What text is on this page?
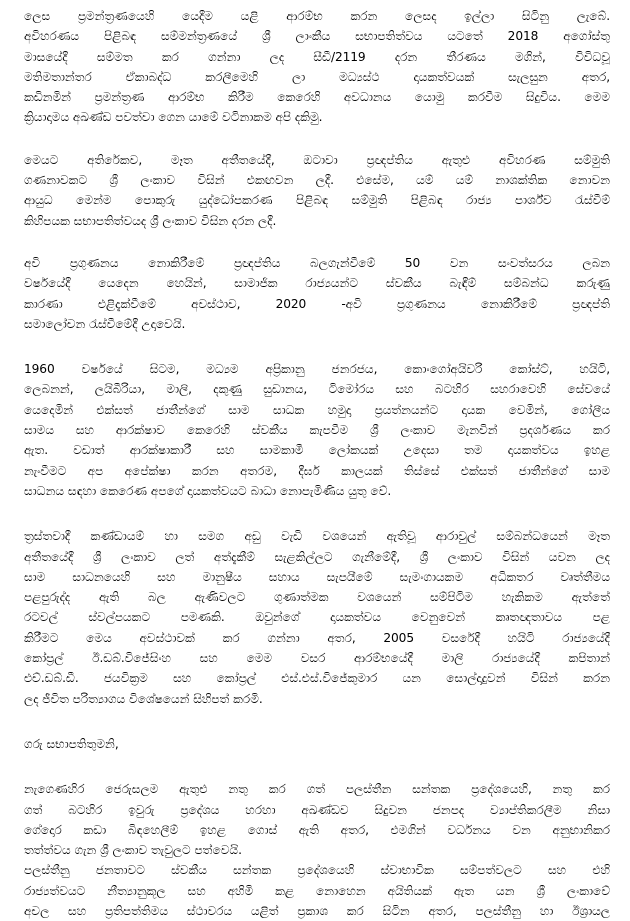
ලෙස ප්‍රමන්ත්‍රණයෙහි යෙදීම යළි ආරම්භ කරන ලෙසද ඉල්ලා සිටිනු ලැබේ.
අවිහරණය පිළිබඳ සම්මන්ත්‍රණයේ ශ්‍රී ලාංකීය සභාපතිත්වය යටතේ 2018 අගෝස්තු
මාසයේදී සම්මත කර ගන්නා ලද සීඩී/2119 දරන තීරණය මගින්, විවිධවූ
මතිමතාන්තර ඒකාබද්ධ කරලීමෙහි ලා මධ්‍යස්ථ දායකත්වයක් සැලසුන අතර,
කඩිනමින් ප්‍රමන්ත්‍රණ ආරම්භ කිරීම කෙරෙහි අවධානය යොමු කරවීම සිදුවිය. මෙම
ක්‍රියාදාමය අඛණ්ඩ පවත්වා ගෙන යාමේ වටිනාකම අපි දකිමු.
මෙයට අතිරේකව, මෑත අතීතයේදී, ඔටාවා ප්‍රඥප්තිය ඇතුළු අවිහරණ සම්මුති
ගණනාවකට ශ්‍රී ලංකාව විසින් එකඟවන ලදී. එසේම, යම් යම් නාශක්තික නොවන
ආයුධ මෙන්ම පොකුරු යුද්ධෝපකරණ පිළිබඳ සම්මුති පිළිබඳ රාජ්‍ය පාර්ශ්ව රැස්වීම්
කිහිපයක සභාපතිත්වයද ශ්‍රී ලංකාව විසින දරන ලදී.
අවි ප්‍රගුණනය නොකිරීමේ ප්‍රඥප්තිය බලගැන්වීමේ 50 වන සංවත්සරය ලබන
වර්ෂයේදී යෙදෙන හෙයින්, සාමාජික රාජ්‍යයන්ට ස්වකීය බැඳීම් සම්බන්ධ කරුණු
කාරණා එළිදැක්වීමේ අවස්ථාව, 2020 -අවි ප්‍රගුණනය නොකිරීමේ ප්‍රඥප්ති
සමාලෝචන රැස්වීමේදී උදාවෙයි.
1960 වර්ෂයේ සිටම, මධ්‍යම අප්‍රිකානු ජනරජය, කොංගෝඅයිවරි කෝස්ට්, හයිටි,
ලෙබනන්, ලයිබීරියා, මාලි, දකුණු සුඩානය, ටිමෝරය සහ බටහිර සහරාවෙහි සේවයේ
යෙදෙමින් එක්සත් ජාතීන්ගේ සාම සාධක හමුදා ප්‍රයත්නයන්ට දායක වෙමින්, ගෝලීය
සාමය සහ ආරක්ෂාව කෙරෙහි ස්වකීය කැපවීම ශ්‍රී ලංකාව මැනවින් ප්‍රදර්ශණය කර
ඇත. වඩාත් ආරක්ෂාකාරී සහ සාමකාමී ලෝකයක් උදෙසා තම දායකත්වය ඉහළ
නැංවීමට අප අපේක්ෂා කරන අතරම, දීර්ඝ කාලයක් තිස්සේ එක්සත් ජාතීන්ගේ සාම
සාධනය සඳහා කෙරෙණ අපගේ දායකත්වයට බාධා නොපැමිණිය යුතු වේ.
ත්‍රස්තවාදී කණ්ඩායම් හා සමග අඩු වැඩි වශයෙන් ඇතිවූ ආරාවුල් සම්බන්ධයෙන් මෑත
අතීතයේදී ශ්‍රී ලංකාව ලත් අත්දැකීම් සැළකිල්ලට ගැනීමේදී, ශ්‍රී ලංකාව විසින් යවන ලද
සාම සාධනයෙහි සහ මානුෂීය සහාය සැපයීමේ සැමංගායකම අධිකතර වෘත්තීමය
පළපුරුද්ද ඇති බල ඇණිවලට ගුණාත්මක වශයෙන් සම්පිටිම හැකිකම ඇත්තේ
රටවල් ස්වල්පයකට පමණකි. ඔවුන්ගේ දායකත්වය වෙනුවෙන් කෘතඥතාවය පළ
කිරීමට මෙය අවස්ථාවක් කර ගන්නා අතර, 2005 වසරේදී හයිටි රාජ්‍යයේදී
කෝප්‍රල් ඊ.ඩබ්.විජේසිංහ සහ මෙම වසර ආරම්භයේදී මාලි රාජ්‍යයේදී කපිතාන්
එච්.ඩබ්.ඩී. ජයවික්‍රම සහ කෝප්‍රල් එස්.එස්.විජේකුමාර යන සොල්දාදුවන් විසින් කරන
ලද ජීවිත පරිත්‍යාගය විශේෂයෙන් සිහිපත් කරමි.
ගරු සභාපතිතුමනි,
නැගෙණහිර ජෙරුසලම ඇතුළු නතු කර ගත් පලස්තීන සන්තක ප්‍රදේශයෙහි, නතු කර
ගත් බටහිර ඉවුරු ප්‍රදේශය හරහා අඛණ්ඩව සිදුවන ජනපද ව්‍යාප්තිකරලීම නිසා
ගේදොර කඩා බිඳහෙලීම් ඉහළ ගොස් ඇති අතර, එමගින් වර්ධනය වන අනුභානිකර
තත්ත්වය ගැන ශ්‍රී ලංකාව තැවුලට පත්වෙයි.
පලස්තීනු ජනතාවට ස්වකීය සන්තක ප්‍රදේශයෙහි ස්වාභාවික සම්පත්වලට සහ එහි
රාජ්‍යත්වයට නීත්‍යානුකූල සහ අහිමි කළ නොහෙන අයිතියක් ඇත යන ශ්‍රී ලංකාවේ
අචල සහ ප්‍රතිපත්තිමය ස්ථාවරය යළිත් ප්‍රකාශ කර සිටින අතර, පලස්තීනු හා ඊශ්‍රායල
